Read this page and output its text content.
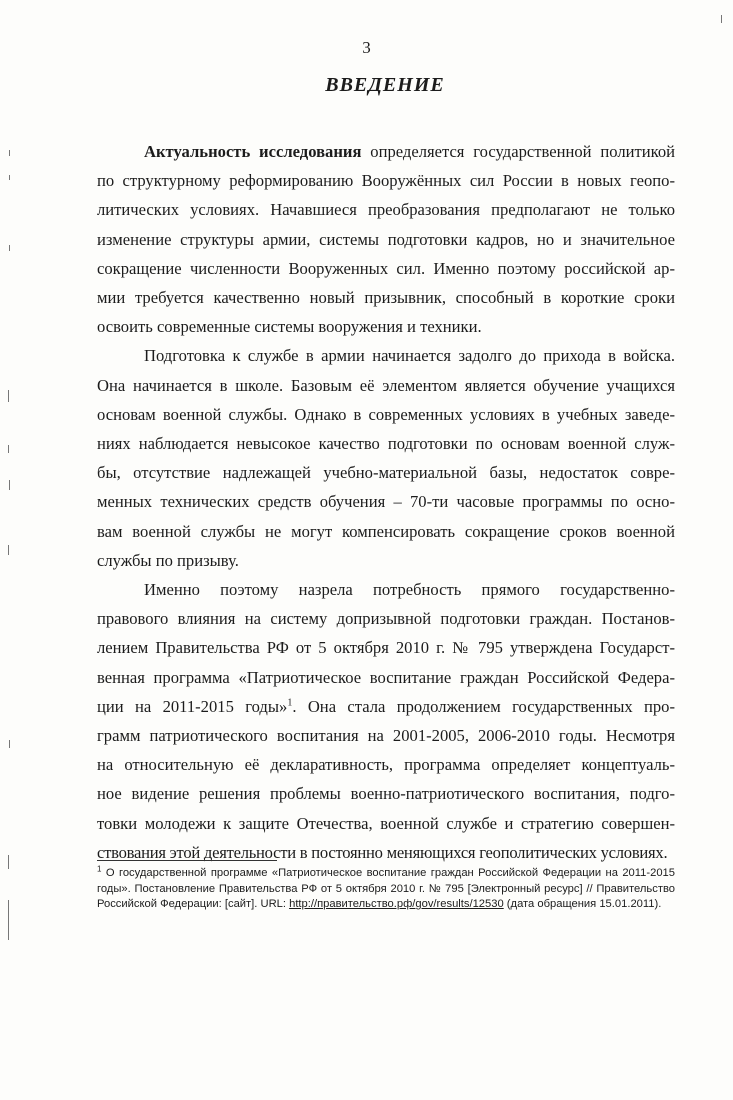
3
ВВЕДЕНИЕ
Актуальность исследования определяется государственной политикой
по структурному реформированию Вооружённых сил России в новых геопо-
литических условиях. Начавшиеся преобразования предполагают не только
изменение структуры армии, системы подготовки кадров, но и значительное
сокращение численности Вооруженных сил. Именно поэтому российской ар-
мии требуется качественно новый призывник, способный в короткие сроки
освоить современные системы вооружения и техники.
Подготовка к службе в армии начинается задолго до прихода в войска.
Она начинается в школе. Базовым её элементом является обучение учащихся
основам военной службы. Однако в современных условиях в учебных заведе-
ниях наблюдается невысокое качество подготовки по основам военной служ-
бы, отсутствие надлежащей учебно-материальной базы, недостаток совре-
менных технических средств обучения – 70-ти часовые программы по осно-
вам военной службы не могут компенсировать сокращение сроков военной
службы по призыву.
Именно поэтому назрела потребность прямого государственно-
правового влияния на систему допризывной подготовки граждан. Постанов-
лением Правительства РФ от 5 октября 2010 г. № 795 утверждена Государст-
венная программа «Патриотическое воспитание граждан Российской Федера-
ции на 2011-2015 годы»$^1$. Она стала продолжением государственных про-
грамм патриотического воспитания на 2001-2005, 2006-2010 годы. Несмотря
на относительную её декларативность, программа определяет концептуаль-
ное видение решения проблемы военно-патриотического воспитания, подго-
товки молодежи к защите Отечества, военной службе и стратегию совершен-
ствования этой деятельности в постоянно меняющихся геополитических условиях.
$^1$ О государственной программе «Патриотическое воспитание граждан Российской Федерации на 2011-2015
годы». Постановление Правительства РФ от 5 октября 2010 г. № 795 [Электронный ресурс] // Правительство
Российской Федерации: [сайт]. URL: http://правительство.рф/gov/results/12530 (дата обращения 15.01.2011).
